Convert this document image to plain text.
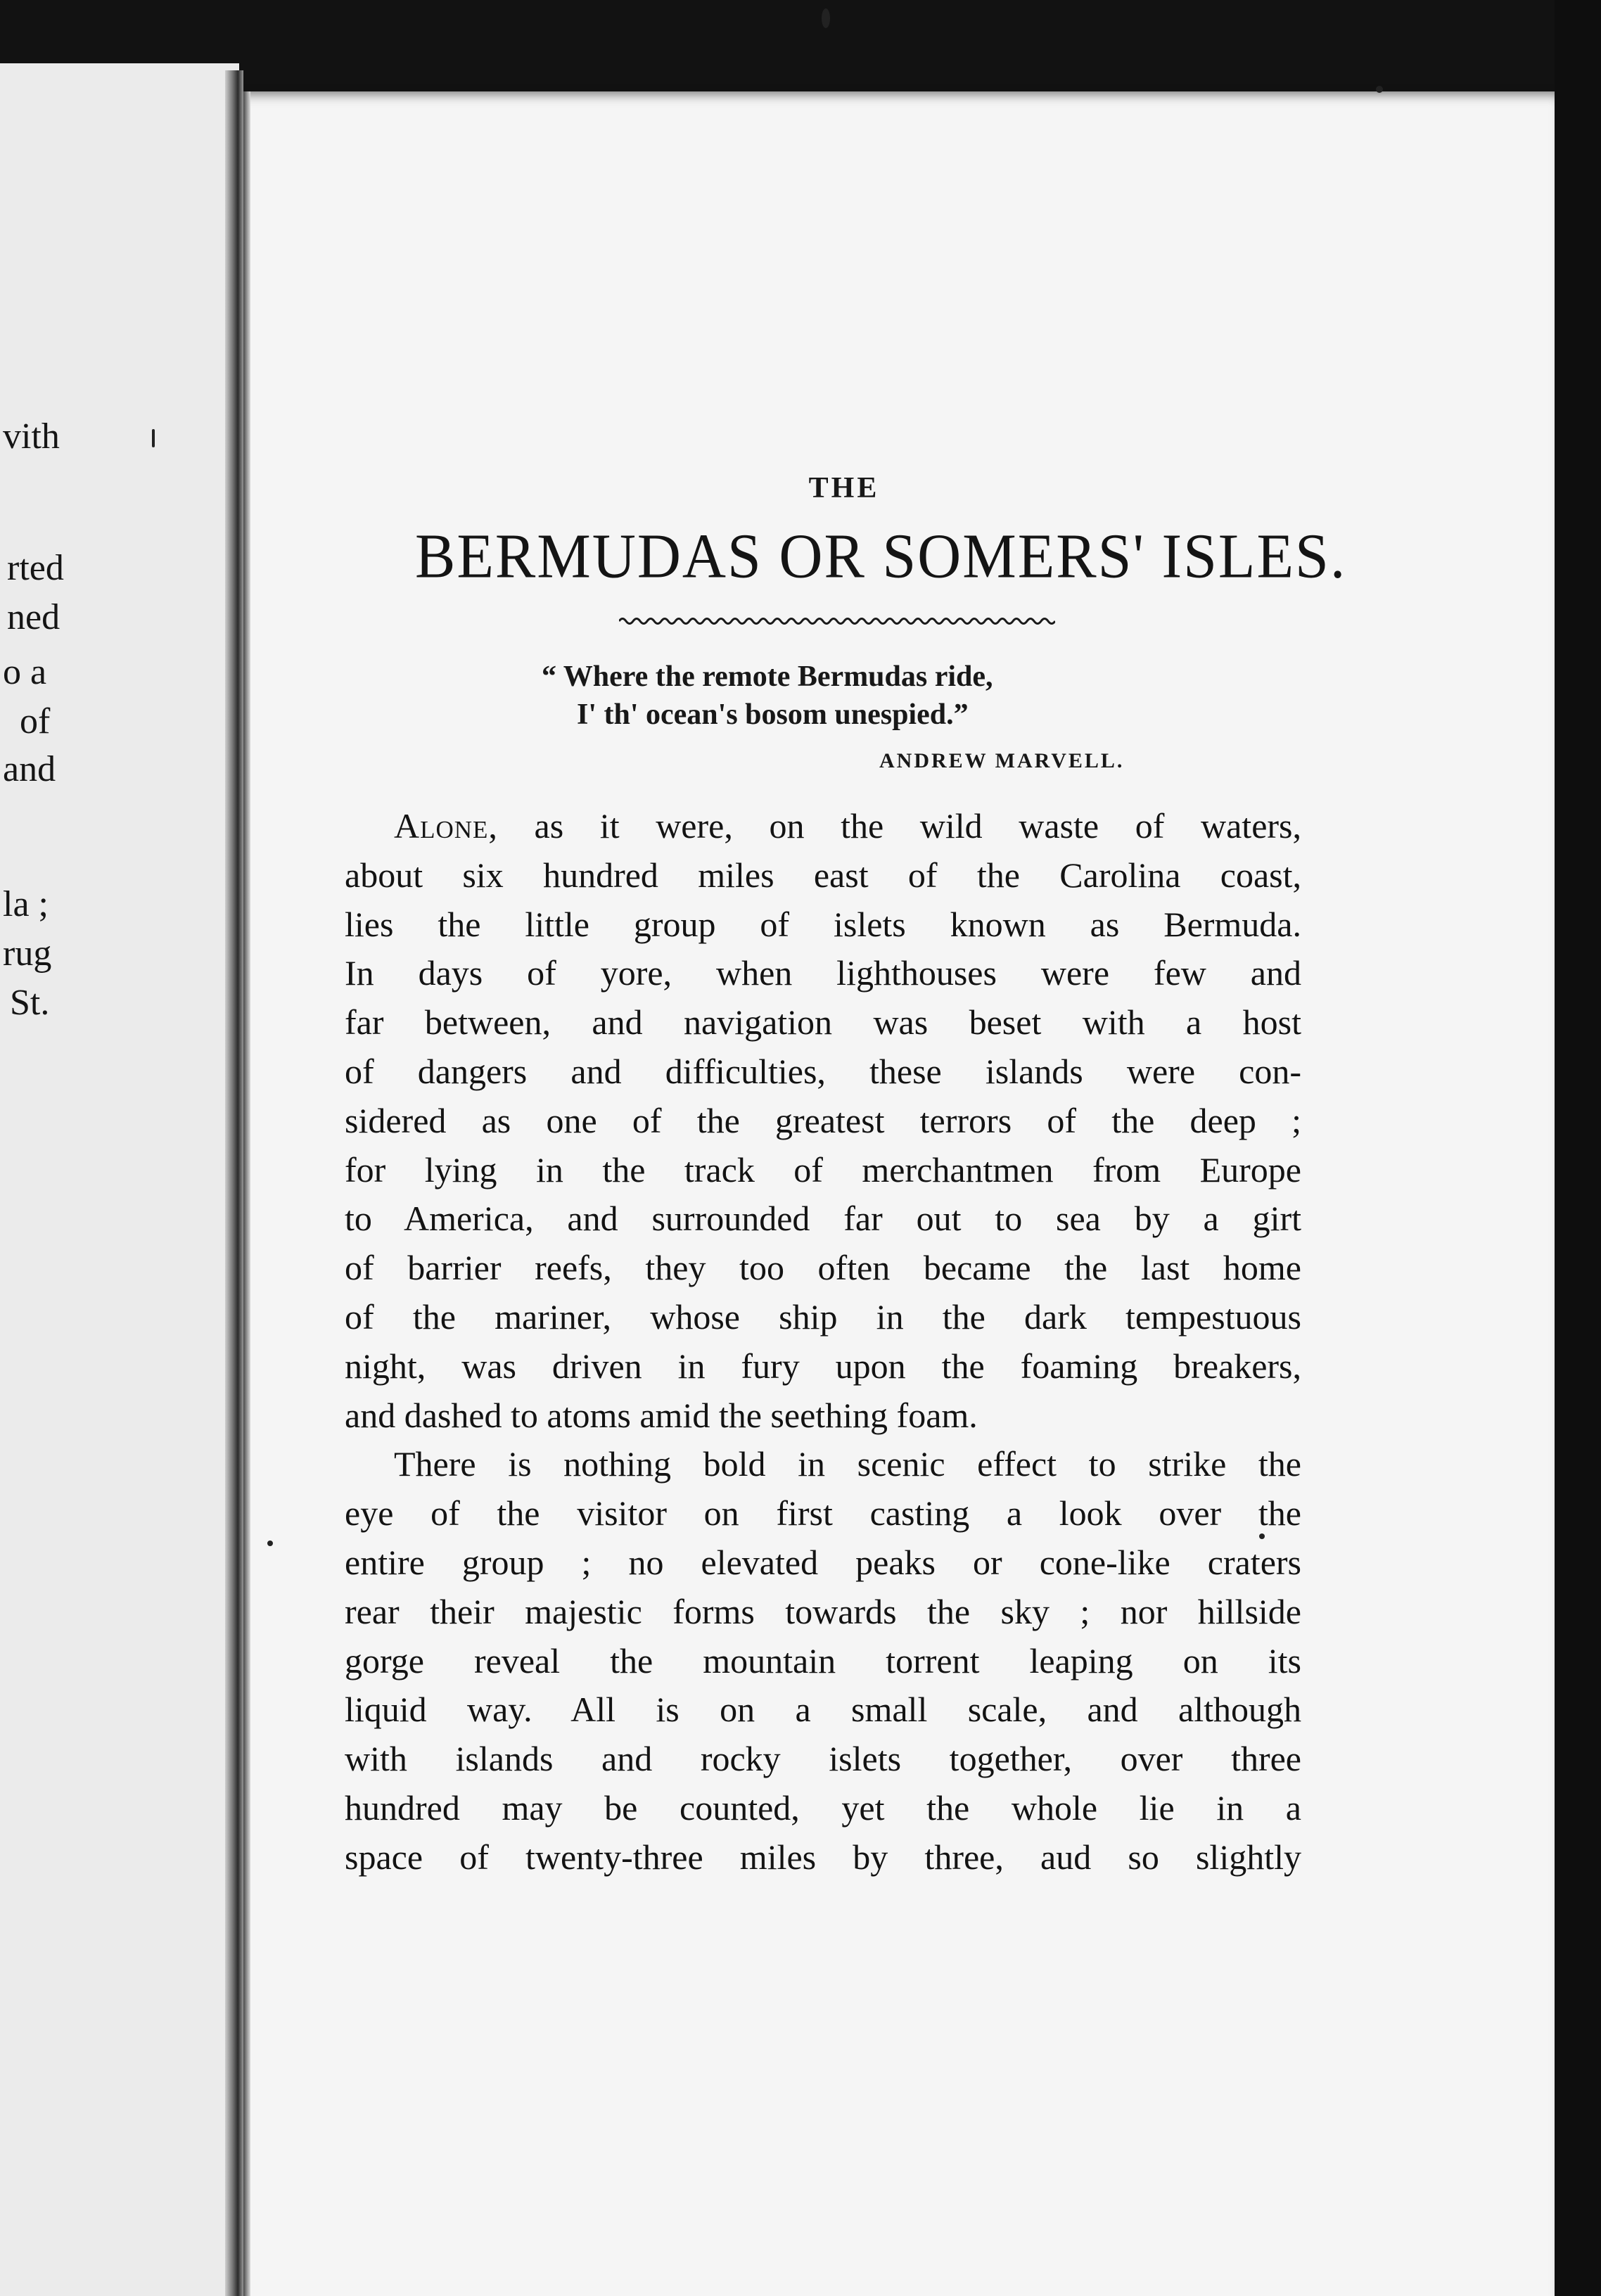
vith
rted
ned
o a
of
and
la ;
rug
St.
THE
BERMUDAS OR SOMERS' ISLES.
“ Where the remote Bermudas ride,
I' th' ocean's bosom unespied.”
ANDREW MARVELL.
Alone, as it were, on the wild waste of waters,
about six hundred miles east of the Carolina coast,
lies the little group of islets known as Bermuda.
In days of yore, when lighthouses were few and
far between, and navigation was beset with a host
of dangers and difficulties, these islands were con-
sidered as one of the greatest terrors of the deep ;
for lying in the track of merchantmen from Europe
to America, and surrounded far out to sea by a girt
of barrier reefs, they too often became the last home
of the mariner, whose ship in the dark tempestuous
night, was driven in fury upon the foaming breakers,
and dashed to atoms amid the seething foam.
There is nothing bold in scenic effect to strike the
eye of the visitor on first casting a look over the
entire group ; no elevated peaks or cone-like craters
rear their majestic forms towards the sky ; nor hillside
gorge reveal the mountain torrent leaping on its
liquid way. All is on a small scale, and although
with islands and rocky islets together, over three
hundred may be counted, yet the whole lie in a
space of twenty-three miles by three, aud so slightly
